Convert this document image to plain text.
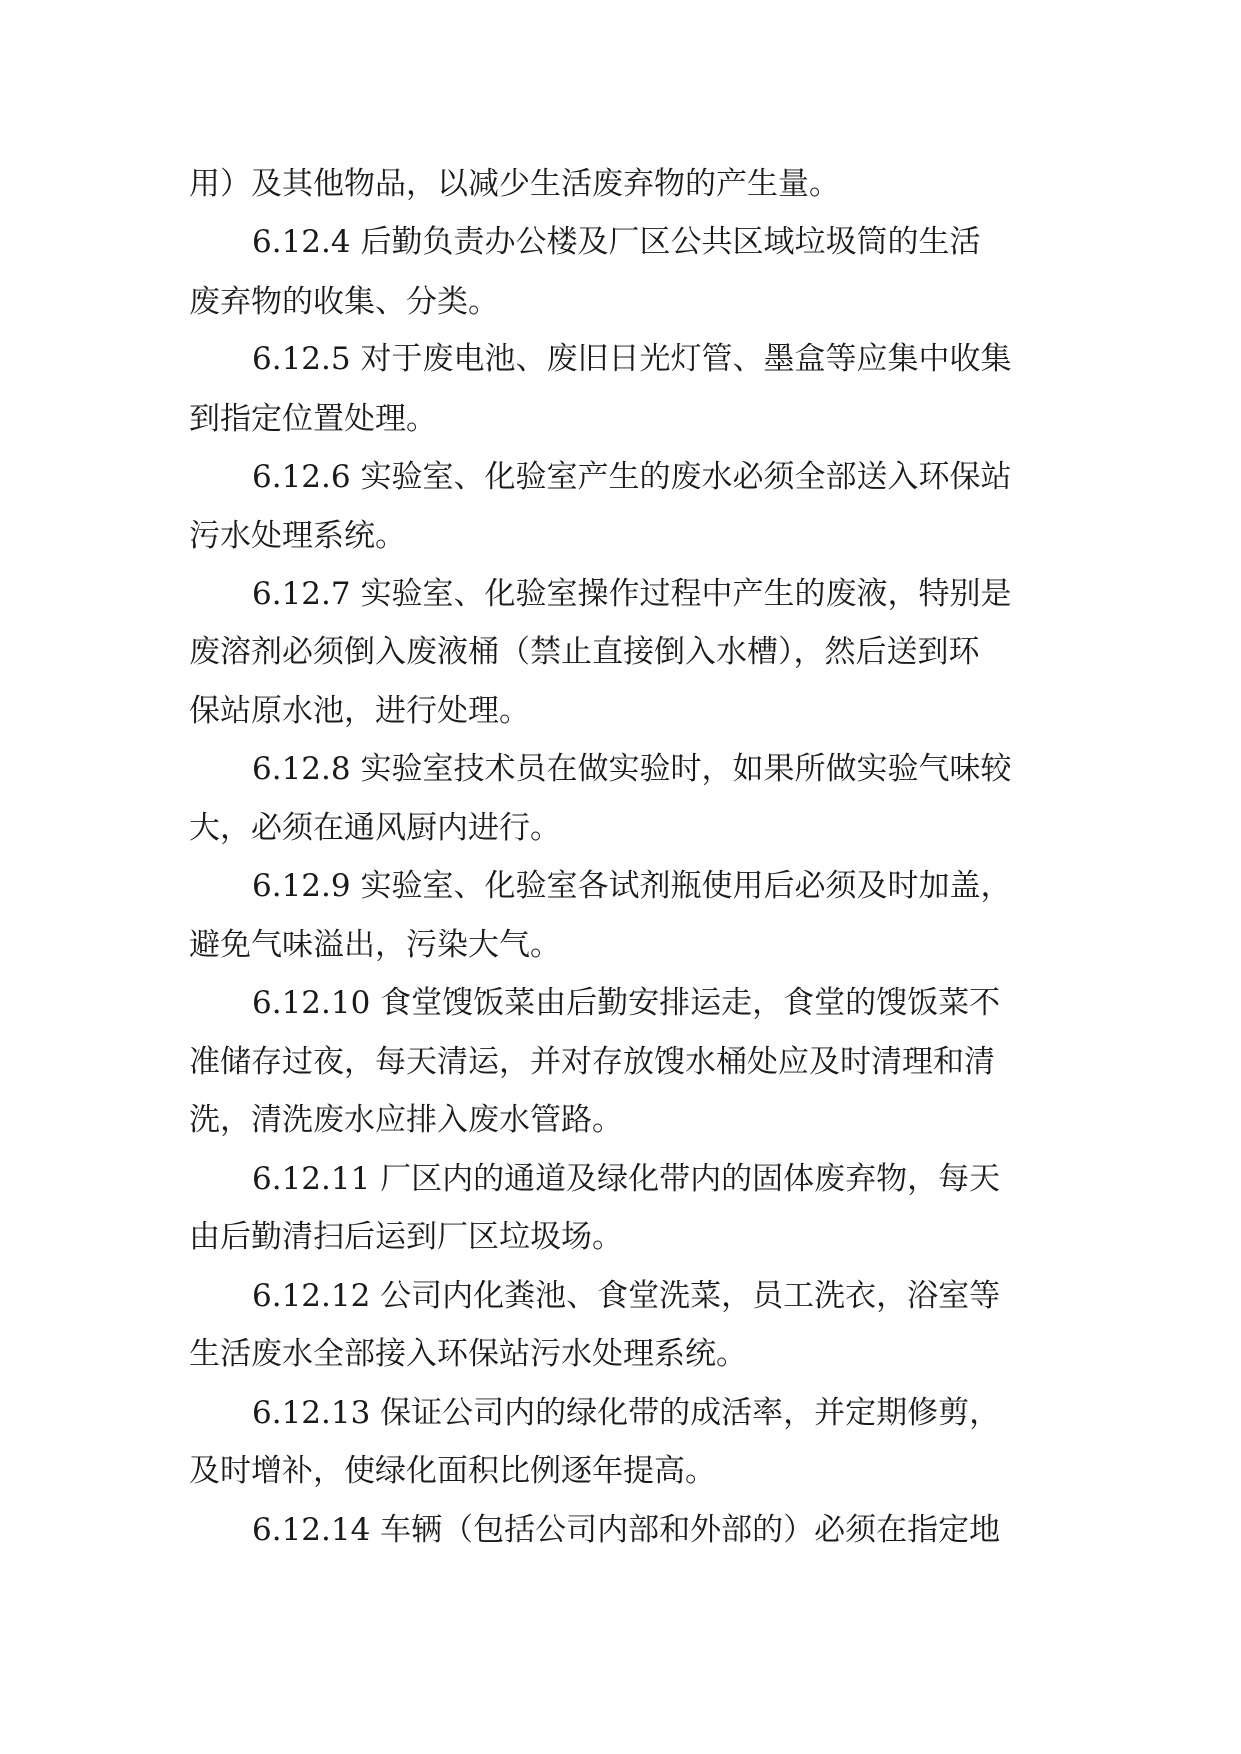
用）及其他物品，以减少生活废弃物的产生量。
6.12.4 后勤负责办公楼及厂区公共区域垃圾筒的生活
废弃物的收集、分类。
6.12.5 对于废电池、废旧日光灯管、墨盒等应集中收集
到指定位置处理。
6.12.6 实验室、化验室产生的废水必须全部送入环保站
污水处理系统。
6.12.7 实验室、化验室操作过程中产生的废液，特别是
废溶剂必须倒入废液桶（禁止直接倒入水槽），然后送到环
保站原水池，进行处理。
6.12.8 实验室技术员在做实验时，如果所做实验气味较
大，必须在通风厨内进行。
6.12.9 实验室、化验室各试剂瓶使用后必须及时加盖，
避免气味溢出，污染大气。
6.12.10 食堂馊饭菜由后勤安排运走，食堂的馊饭菜不
准储存过夜，每天清运，并对存放馊水桶处应及时清理和清
洗，清洗废水应排入废水管路。
6.12.11 厂区内的通道及绿化带内的固体废弃物，每天
由后勤清扫后运到厂区垃圾场。
6.12.12 公司内化粪池、食堂洗菜，员工洗衣，浴室等
生活废水全部接入环保站污水处理系统。
6.12.13 保证公司内的绿化带的成活率，并定期修剪，
及时增补，使绿化面积比例逐年提高。
6.12.14 车辆（包括公司内部和外部的）必须在指定地
